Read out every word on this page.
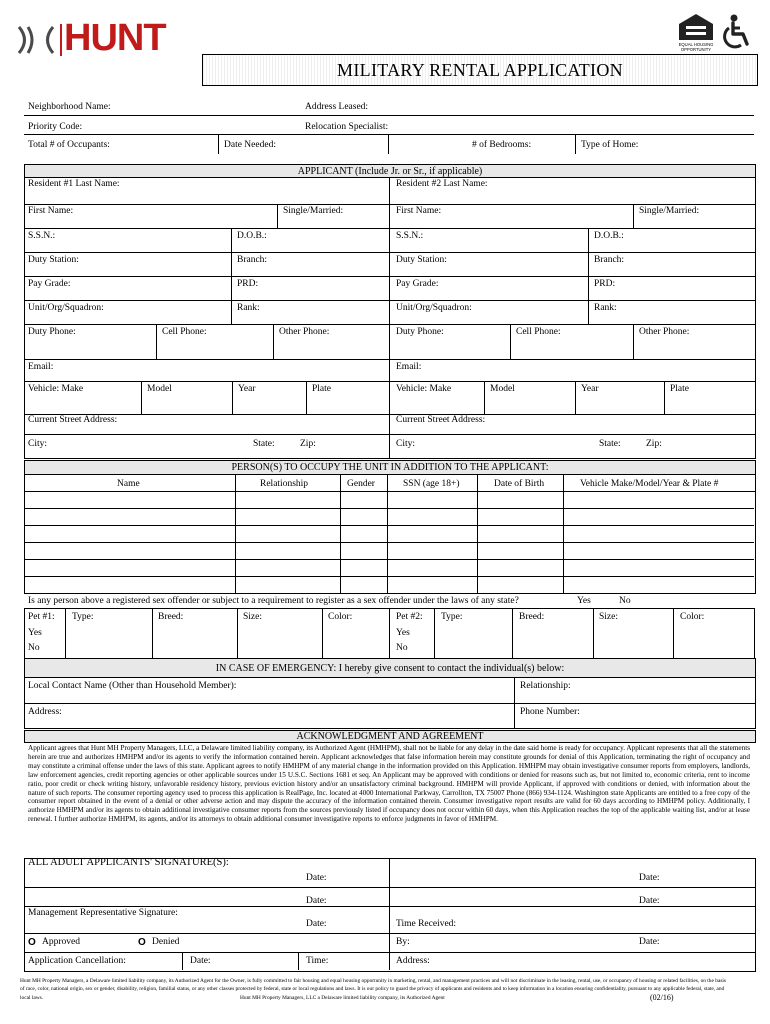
HUNT	EQUAL HOUSING
OPPORTUNITY
MILITARY RENTAL APPLICATION
Neighborhood Name:	Address Leased:
Priority Code:	Relocation Specialist:
Total # of Occupants:	Date Needed:	# of Bedrooms:	Type of Home:
APPLICANT (Include Jr. or Sr., if applicable)
Resident #1 Last Name:	Resident #2 Last Name:
First Name:	Single/Married:	First Name:	Single/Married:
S.S.N.:	D.O.B.:	S.S.N.:	D.O.B.:
Duty Station:	Branch:	Duty Station:	Branch:
Pay Grade:	PRD:	Pay Grade:	PRD:
Unit/Org/Squadron:	Rank:	Unit/Org/Squadron:	Rank:
Duty Phone:	Cell Phone:	Other Phone:	Duty Phone:	Cell Phone:	Other Phone:
Email:	Email:
Vehicle: Make	Model	Year	Plate	Vehicle: Make	Model	Year	Plate
Current Street Address:	Current Street Address:
City:	State:	Zip:	City:	State:	Zip:
PERSON(S) TO OCCUPY THE UNIT IN ADDITION TO THE APPLICANT:
Name	Relationship	Gender	SSN (age 18+)	Date of Birth	Vehicle Make/Model/Year & Plate #
Is any person above a registered sex offender or subject to a requirement to register as a sex offender under the laws of any state?	Yes	No
Pet #1: Type:	Breed:	Size:	Color:
Yes
No
Pet #2: Type:	Breed:	Size:	Color:
Yes
No
IN CASE OF EMERGENCY: I hereby give consent to contact the individual(s) below:
Local Contact Name (Other than Household Member):	Relationship:
Address:	Phone Number:
ACKNOWLEDGMENT AND AGREEMENT
Applicant agrees that Hunt MH Property Managers, LLC, a Delaware limited liability company, its Authorized Agent (HMHPM), shall not be liable for any delay in the date said home is ready for occupancy. Applicant represents that all the statements herein are true and authorizes HMHPM and/or its agents to verify the information contained herein. Applicant acknowledges that false information herein may constitute grounds for denial of this Application, terminating the right of occupancy and may constitute a criminal offense under the laws of this state. Applicant agrees to notify HMHPM of any material change in the information provided on this Application. HMHPM may obtain investigative consumer reports from employers, landlords, law enforcement agencies, credit reporting agencies or other applicable sources under 15 U.S.C. Sections 1681 et seq. An Applicant may be approved with conditions or denied for reasons such as, but not limited to, economic criteria, rent to income ratio, poor credit or check writing history, unfavorable residency history, previous eviction history and/or an unsatisfactory criminal background. HMHPM will provide Applicant, if approved with conditions or denied, with information about the nature of such reports. The consumer reporting agency used to process this application is RealPage, Inc. located at 4000 International Parkway, Carrollton, TX 75007 Phone (866) 934-1124. Washington state Applicants are entitled to a free copy of the consumer report obtained in the event of a denial or other adverse action and may dispute the accuracy of the information contained therein. Consumer investigative report results are valid for 60 days according to HMHPM policy. Additionally, I authorize HMHPM and/or its agents to obtain additional investigative consumer reports from the sources previously listed if occupancy does not occur within 60 days, when this Application reaches the top of the applicable waiting list, and/or at lease renewal. I further authorize HMHPM, its agents, and/or its attorneys to obtain additional consumer investigative reports to enforce judgments in favor of HMHPM.
ALL ADULT APPLICANTS' SIGNATURE(S):
Date:	Date:
Date:	Date:
Management Representative Signature:
Date:	Time Received:
O Approved	O Denied	By:	Date:
Application Cancellation:	Date:	Time:	Address:
Hunt MH Property Managers, a Delaware limited liability company, its Authorized Agent for the Owner, is fully committed to fair housing and equal housing opportunity in marketing, rental, and management practices and will not discriminate in the leasing, rental, use, or occupancy of housing or related facilities, on the basis
of race, color, national origin, sex or gender, disability, religion, familial status, or any other classes protected by federal, state or local regulations and laws. It is our policy to guard the privacy of applicants and residents and to keep information in a location ensuring confidentiality, pursuant to any applicable federal, state, and
local laws.	Hunt MH Property Managers, LLC a Delaware limited liability company, its Authorized Agent	(02/16)
